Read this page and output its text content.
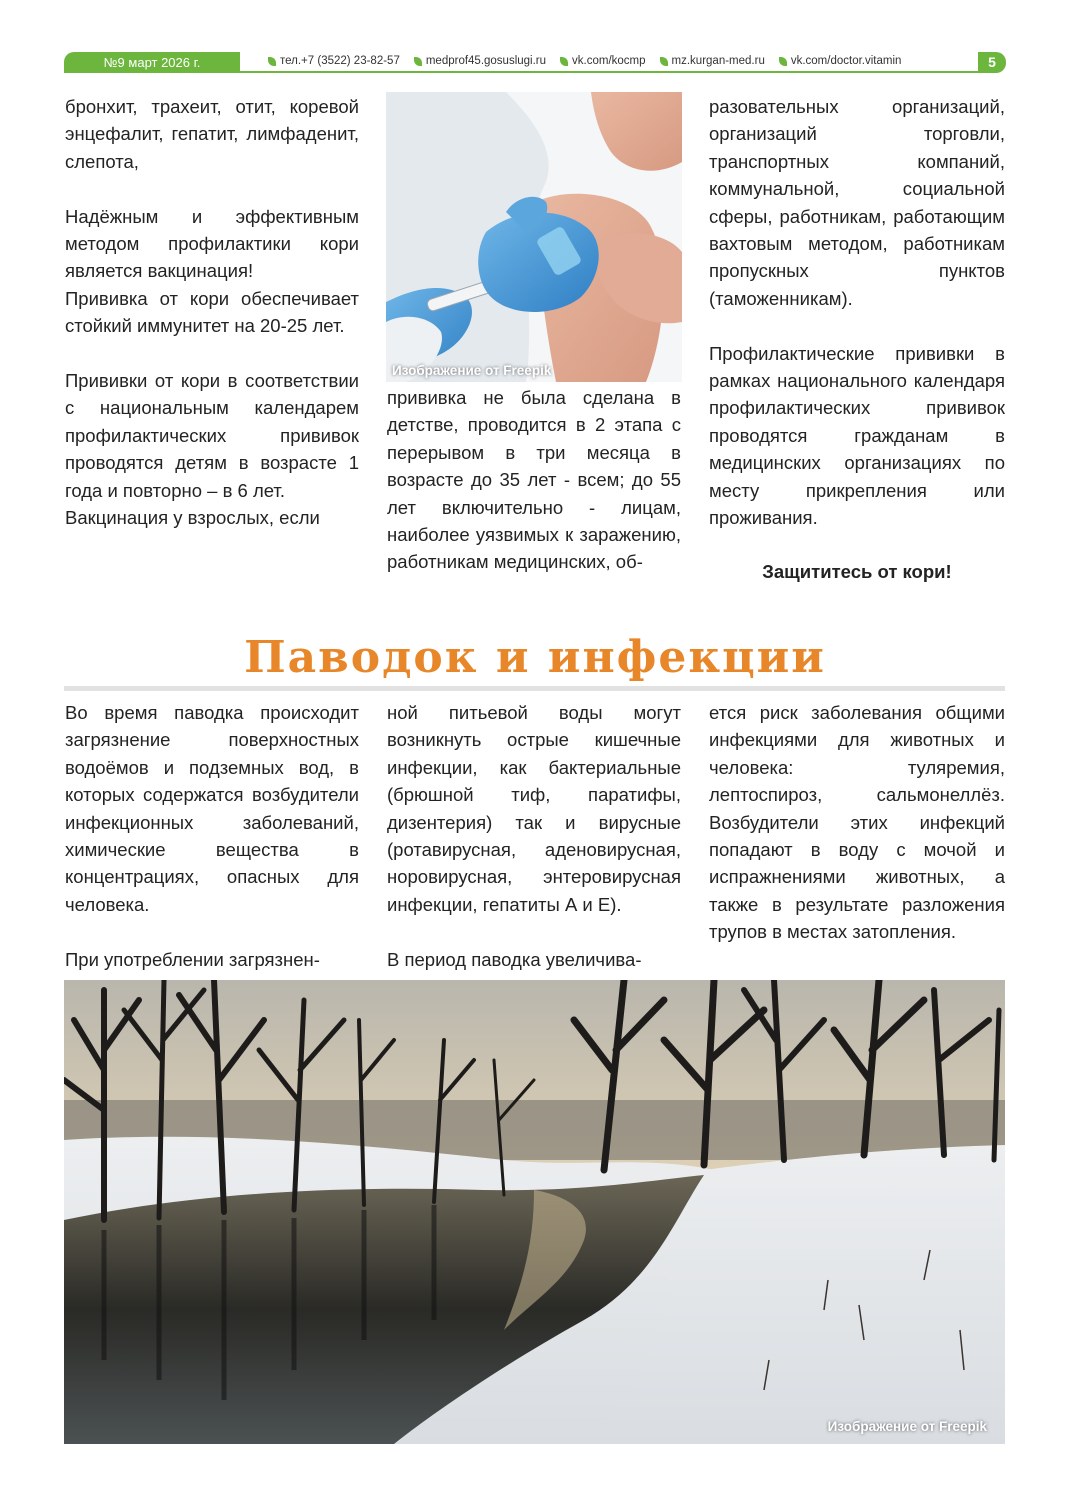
№9 март 2026 г.	тел.+7 (3522) 23-82-57 medprof45.gosuslugi.ru vk.com/kocmp mz.kurgan-med.ru vk.com/doctor.vitamin	5

бронхит, трахеит, отит, коревой энцефалит, гепатит, лимфаденит, слепота,

Надёжным и эффективным методом профилактики кори является вакцинация!

Прививка от кори обеспечивает стойкий иммунитет на 20-25 лет.

Прививки от кори в соответствии с национальным календарем профилактических прививок проводятся детям в возрасте 1 года и повторно – в 6 лет.

Вакцинация у взрослых, если

Изображение от Freepik

прививка не была сделана в детстве, проводится в 2 этапа с перерывом в три месяца в возрасте до 35 лет - всем; до 55 лет включительно - лицам, наиболее уязвимых к заражению, работникам медицинских, об-

разовательных организаций, организаций торговли, транспортных компаний, коммунальной, социальной сферы, работникам, работающим вахтовым методом, работникам пропускных пунктов (таможенникам).

Профилактические прививки в рамках национального календаря профилактических прививок проводятся гражданам в медицинских организациях по месту прикрепления или проживания.

Защититесь от кори!

Паводок и инфекции

Во время паводка происходит загрязнение поверхностных водоёмов и подземных вод, в которых содержатся возбудители инфекционных заболеваний, химические вещества в концентрациях, опасных для человека.

При употреблении загрязнен-

ной питьевой воды могут возникнуть острые кишечные инфекции, как бактериальные (брюшной тиф, паратифы, дизентерия) так и вирусные (ротавирусная, аденовирусная, норовирусная, энтеровирусная инфекции, гепатиты А и Е).

В период паводка увеличива-

ется риск заболевания общими инфекциями для животных и человека: туляремия, лептоспироз, сальмонеллёз. Возбудители этих инфекций попадают в воду с мочой и испражнениями животных, а также в результате разложения трупов в местах затопления.

Изображение от Freepik
